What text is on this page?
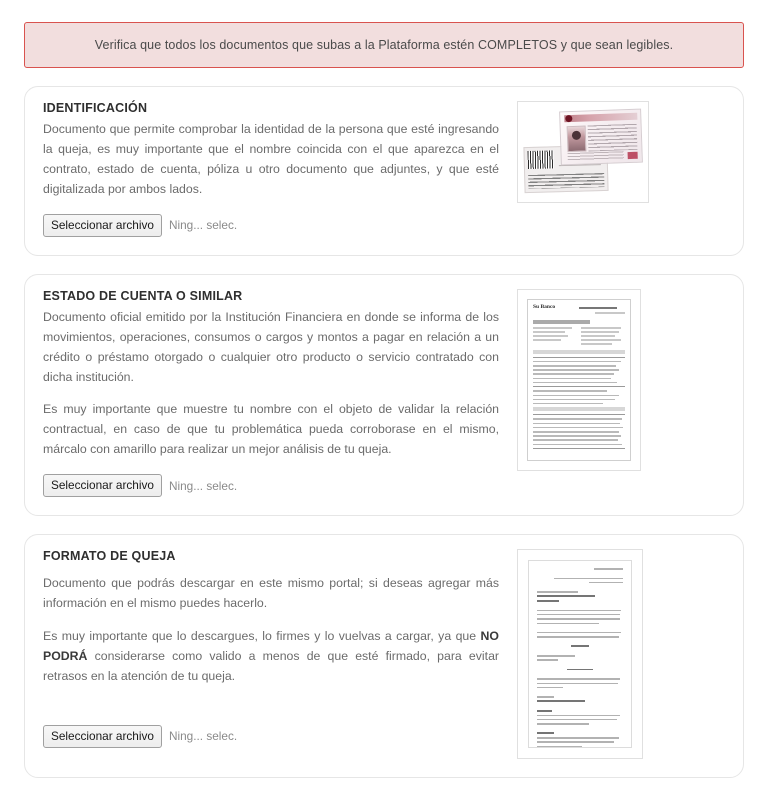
Verifica que todos los documentos que subas a la Plataforma estén COMPLETOS y que sean legibles.
IDENTIFICACIÓN

Documento que permite comprobar la identidad de la persona que esté ingresando la queja, es muy importante que el nombre coincida con el que aparezca en el contrato, estado de cuenta, póliza u otro documento que adjuntes, y que esté digitalizada por ambos lados.

Seleccionar archivo	Ning... selec.
ESTADO DE CUENTA O SIMILAR

Documento oficial emitido por la Institución Financiera en donde se informa de los movimientos, operaciones, consumos o cargos y montos a pagar en relación a un crédito o préstamo otorgado o cualquier otro producto o servicio contratado con dicha institución.

Es muy importante que muestre tu nombre con el objeto de validar la relación contractual, en caso de que tu problemática pueda corroborase en el mismo, márcalo con amarillo para realizar un mejor análisis de tu queja.

Seleccionar archivo	Ning... selec.
Su Banco
FORMATO DE QUEJA

Documento que podrás descargar en este mismo portal; si deseas agregar más información en el mismo puedes hacerlo.

Es muy importante que lo descargues, lo firmes y lo vuelvas a cargar, ya que NO PODRÁ considerarse como valido a menos de que esté firmado, para evitar retrasos en la atención de tu queja.

Seleccionar archivo	Ning... selec.
